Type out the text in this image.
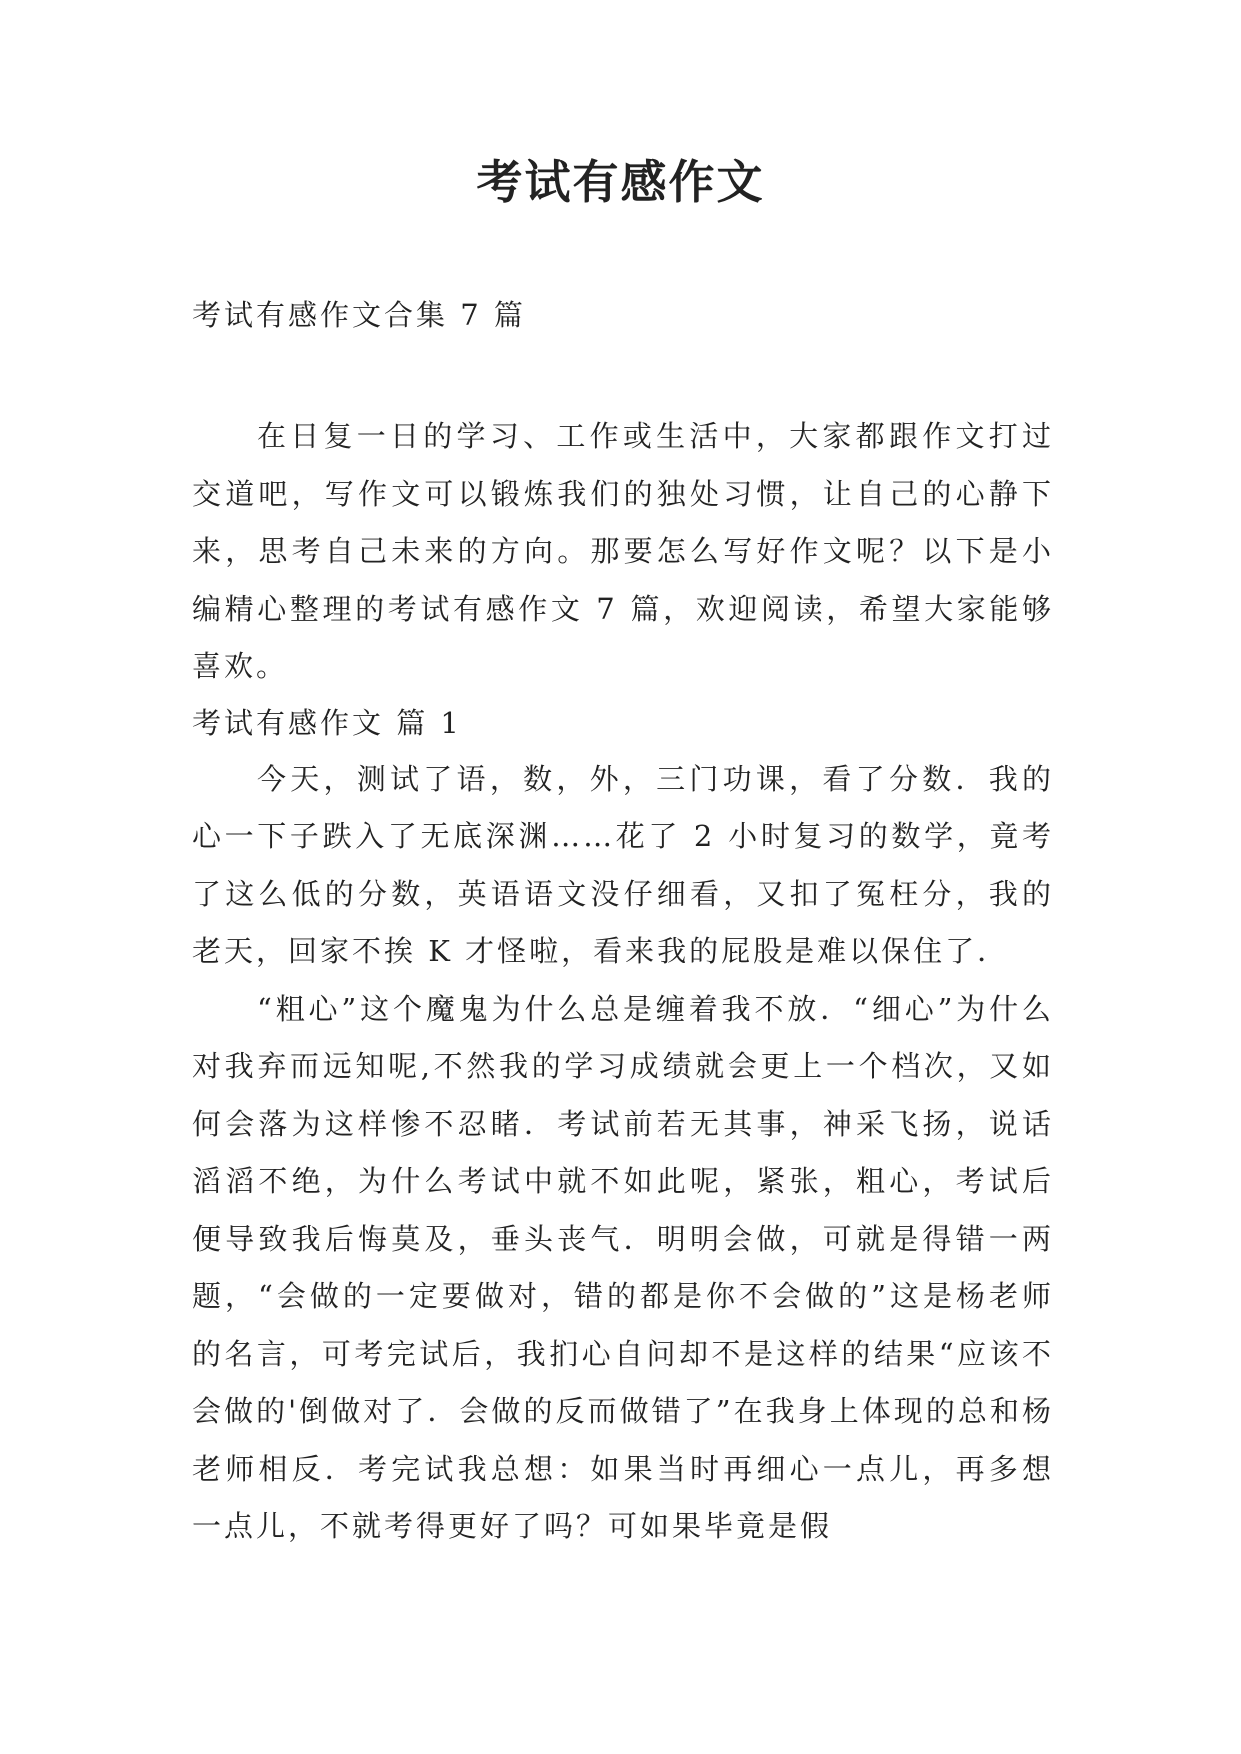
考试有感作文
考试有感作文合集 7 篇

在日复一日的学习、工作或生活中，大家都跟作文打过交道吧，写作文可以锻炼我们的独处习惯，让自己的心静下来，思考自己未来的方向。那要怎么写好作文呢？以下是小编精心整理的考试有感作文 7 篇，欢迎阅读，希望大家能够喜欢。

考试有感作文 篇 1

今天，测试了语，数，外，三门功课，看了分数．我的心一下子跌入了无底深渊……花了 2 小时复习的数学，竟考了这么低的分数，英语语文没仔细看，又扣了冤枉分，我的老天，回家不挨 K 才怪啦，看来我的屁股是难以保住了．

“粗心”这个魔鬼为什么总是缠着我不放．“细心”为什么对我弃而远知呢,不然我的学习成绩就会更上一个档次，又如何会落为这样惨不忍睹．考试前若无其事，神采飞扬，说话滔滔不绝，为什么考试中就不如此呢，紧张，粗心，考试后便导致我后悔莫及，垂头丧气．明明会做，可就是得错一两题，“会做的一定要做对，错的都是你不会做的”这是杨老师的名言，可考完试后，我扪心自问却不是这样的结果“应该不会做的'倒做对了．会做的反而做错了”在我身上体现的总和杨老师相反．考完试我总想：如果当时再细心一点儿，再多想一点儿，不就考得更好了吗？可如果毕竟是假
